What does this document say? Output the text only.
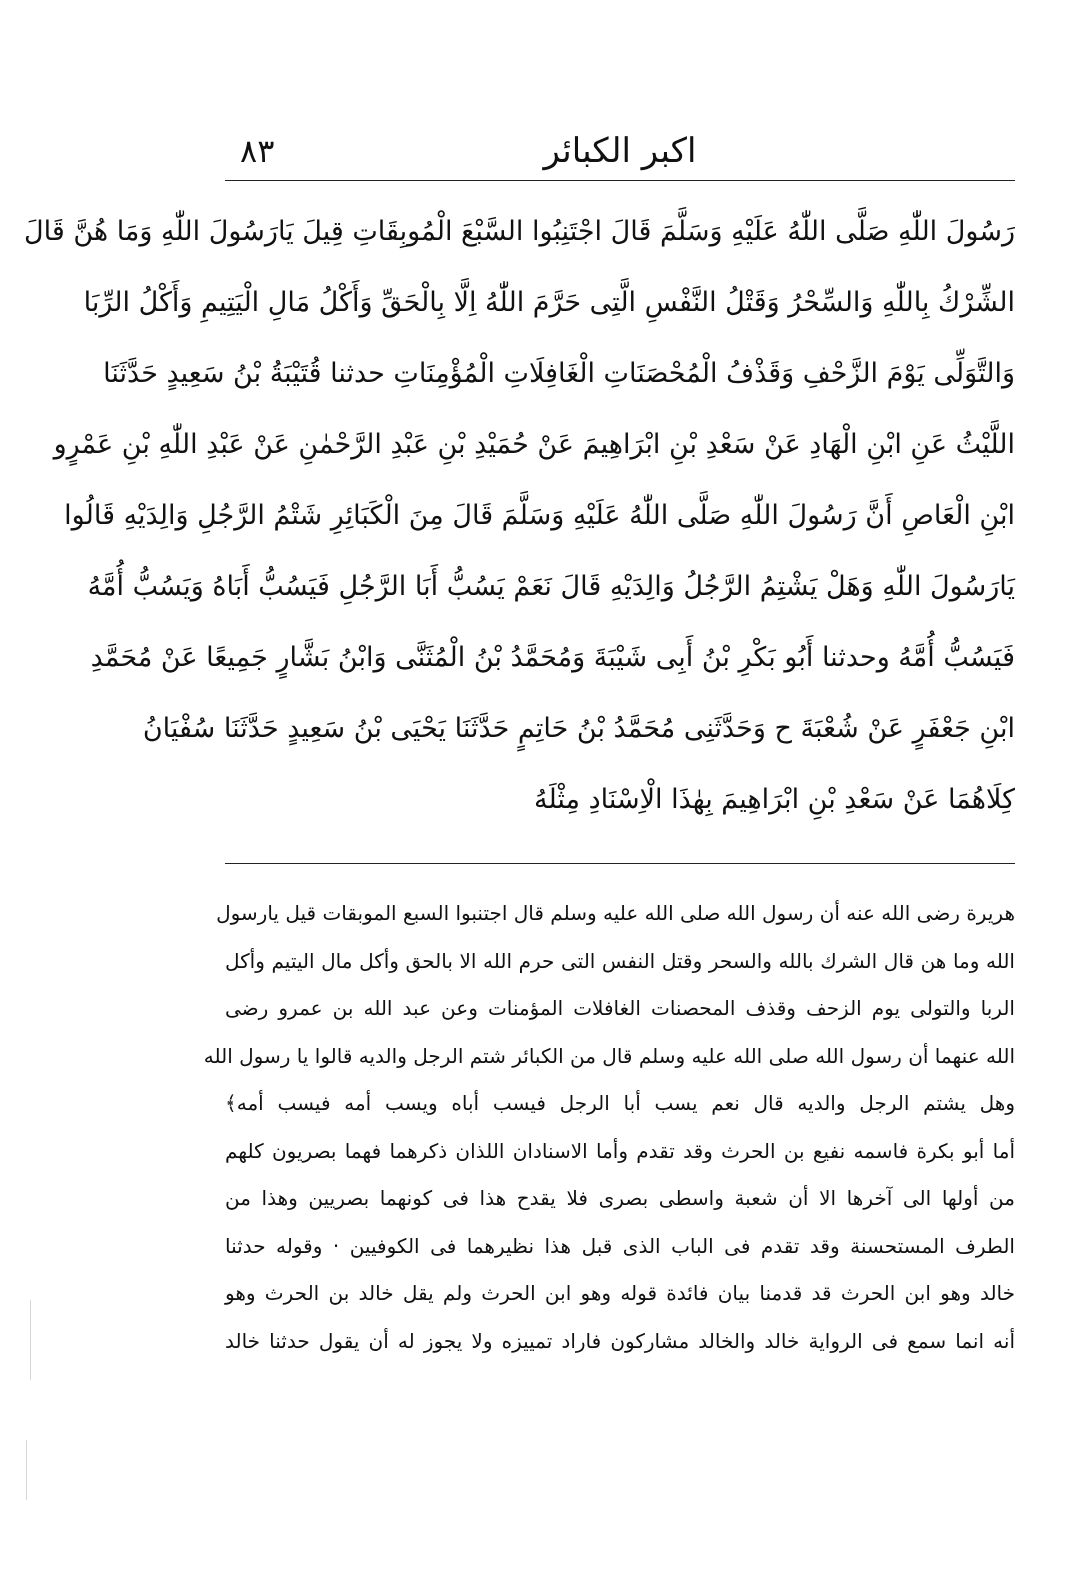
اكبر الكبائر
٨٣
رَسُولَ اللّٰهِ صَلَّى اللّٰهُ عَلَيْهِ وَسَلَّمَ قَالَ اجْتَنِبُوا السَّبْعَ الْمُوبِقَاتِ قِيلَ يَارَسُولَ اللّٰهِ وَمَا هُنَّ قَالَ
الشِّرْكُ بِاللّٰهِ وَالسِّحْرُ وَقَتْلُ النَّفْسِ الَّتِى حَرَّمَ اللّٰهُ اِلَّا بِالْحَقِّ وَأَكْلُ مَالِ الْيَتِيمِ وَأَكْلُ الرِّبَا
وَالتَّوَلِّى يَوْمَ الزَّحْفِ وَقَذْفُ الْمُحْصَنَاتِ الْغَافِلَاتِ الْمُؤْمِنَاتِ حدثنا قُتَيْبَةُ بْنُ سَعِيدٍ حَدَّثَنَا
اللَّيْثُ عَنِ ابْنِ الْهَادِ عَنْ سَعْدِ بْنِ ابْرَاهِيمَ عَنْ حُمَيْدِ بْنِ عَبْدِ الرَّحْمٰنِ عَنْ عَبْدِ اللّٰهِ بْنِ عَمْرٍو
ابْنِ الْعَاصِ أَنَّ رَسُولَ اللّٰهِ صَلَّى اللّٰهُ عَلَيْهِ وَسَلَّمَ قَالَ مِنَ الْكَبَائِرِ شَتْمُ الرَّجُلِ وَالِدَيْهِ قَالُوا
يَارَسُولَ اللّٰهِ وَهَلْ يَشْتِمُ الرَّجُلُ وَالِدَيْهِ قَالَ نَعَمْ يَسُبُّ أَبَا الرَّجُلِ فَيَسُبُّ أَبَاهُ وَيَسُبُّ أُمَّهُ
فَيَسُبُّ أُمَّهُ وحدثنا أَبُو بَكْرِ بْنُ أَبِى شَيْبَةَ وَمُحَمَّدُ بْنُ الْمُثَنَّى وَابْنُ بَشَّارٍ جَمِيعًا عَنْ مُحَمَّدِ
ابْنِ جَعْفَرٍ عَنْ شُعْبَةَ ح وَحَدَّثَنِى مُحَمَّدُ بْنُ حَاتِمٍ حَدَّثَنَا يَحْيَى بْنُ سَعِيدٍ حَدَّثَنَا سُفْيَانُ
كِلَاهُمَا عَنْ سَعْدِ بْنِ ابْرَاهِيمَ بِهٰذَا الْاِسْنَادِ مِثْلَهُ
هريرة رضى الله عنه أن رسول الله صلى الله عليه وسلم قال اجتنبوا السبع الموبقات قيل يارسول
الله وما هن قال الشرك بالله والسحر وقتل النفس التى حرم الله الا بالحق وأكل مال اليتيم وأكل
الربا والتولى يوم الزحف وقذف المحصنات الغافلات المؤمنات وعن عبد الله بن عمرو رضى
الله عنهما أن رسول الله صلى الله عليه وسلم قال من الكبائر شتم الرجل والديه قالوا يا رسول الله
وهل يشتم الرجل والديه قال نعم يسب أبا الرجل فيسب أباه ويسب أمه فيسب أمه﴾
أما أبو بكرة فاسمه نفيع بن الحرث وقد تقدم وأما الاسنادان اللذان ذكرهما فهما بصريون كلهم
من أولها الى آخرها الا أن شعبة واسطى بصرى فلا يقدح هذا فى كونهما بصريين وهذا من
الطرف المستحسنة وقد تقدم فى الباب الذى قبل هذا نظيرهما فى الكوفيين · وقوله حدثنا
خالد وهو ابن الحرث قد قدمنا بيان فائدة قوله وهو ابن الحرث ولم يقل خالد بن الحرث وهو
أنه انما سمع فى الرواية خالد والخالد مشاركون فاراد تمييزه ولا يجوز له أن يقول حدثنا خالد
